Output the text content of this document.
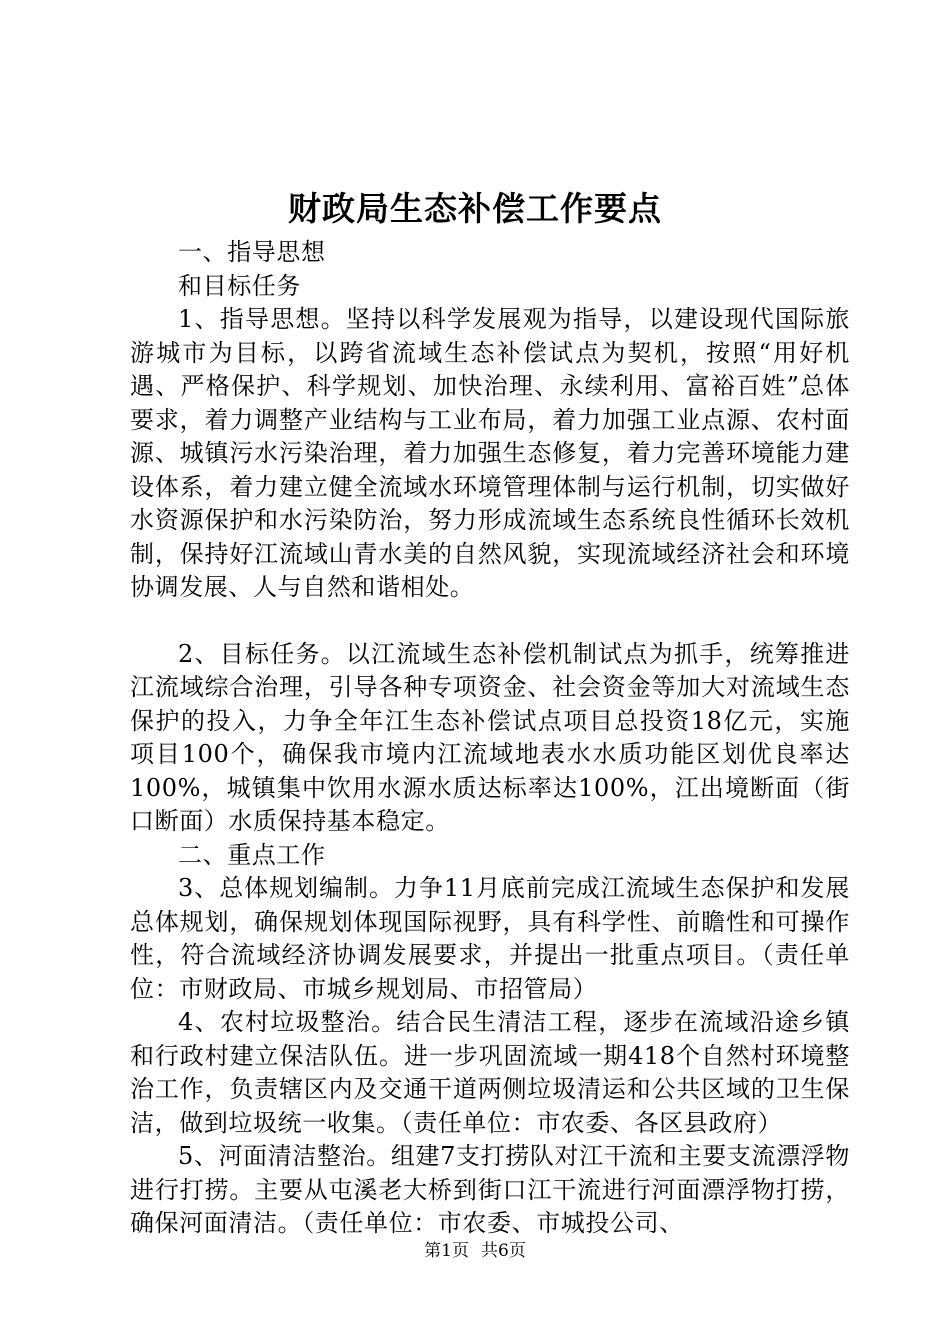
财政局生态补偿工作要点

一、指导思想

和目标任务

1、指导思想。坚持以科学发展观为指导，以建设现代国际旅游城市为目标，以跨省流域生态补偿试点为契机，按照“用好机遇、严格保护、科学规划、加快治理、永续利用、富裕百姓”总体要求，着力调整产业结构与工业布局，着力加强工业点源、农村面源、城镇污水污染治理，着力加强生态修复，着力完善环境能力建设体系，着力建立健全流域水环境管理体制与运行机制，切实做好水资源保护和水污染防治，努力形成流域生态系统良性循环长效机制，保持好江流域山青水美的自然风貌，实现流域经济社会和环境协调发展、人与自然和谐相处。

2、目标任务。以江流域生态补偿机制试点为抓手，统筹推进江流域综合治理，引导各种专项资金、社会资金等加大对流域生态保护的投入，力争全年江生态补偿试点项目总投资18亿元，实施项目100个，确保我市境内江流域地表水水质功能区划优良率达100%，城镇集中饮用水源水质达标率达100%，江出境断面（街口断面）水质保持基本稳定。

二、重点工作

3、总体规划编制。力争11月底前完成江流域生态保护和发展总体规划，确保规划体现国际视野，具有科学性、前瞻性和可操作性，符合流域经济协调发展要求，并提出一批重点项目。（责任单位：市财政局、市城乡规划局、市招管局）

4、农村垃圾整治。结合民生清洁工程，逐步在流域沿途乡镇和行政村建立保洁队伍。进一步巩固流域一期418个自然村环境整治工作，负责辖区内及交通干道两侧垃圾清运和公共区域的卫生保洁，做到垃圾统一收集。（责任单位：市农委、各区县政府）

5、河面清洁整治。组建7支打捞队对江干流和主要支流漂浮物进行打捞。主要从屯溪老大桥到街口江干流进行河面漂浮物打捞，确保河面清洁。（责任单位：市农委、市城投公司、

第1页 共6页
